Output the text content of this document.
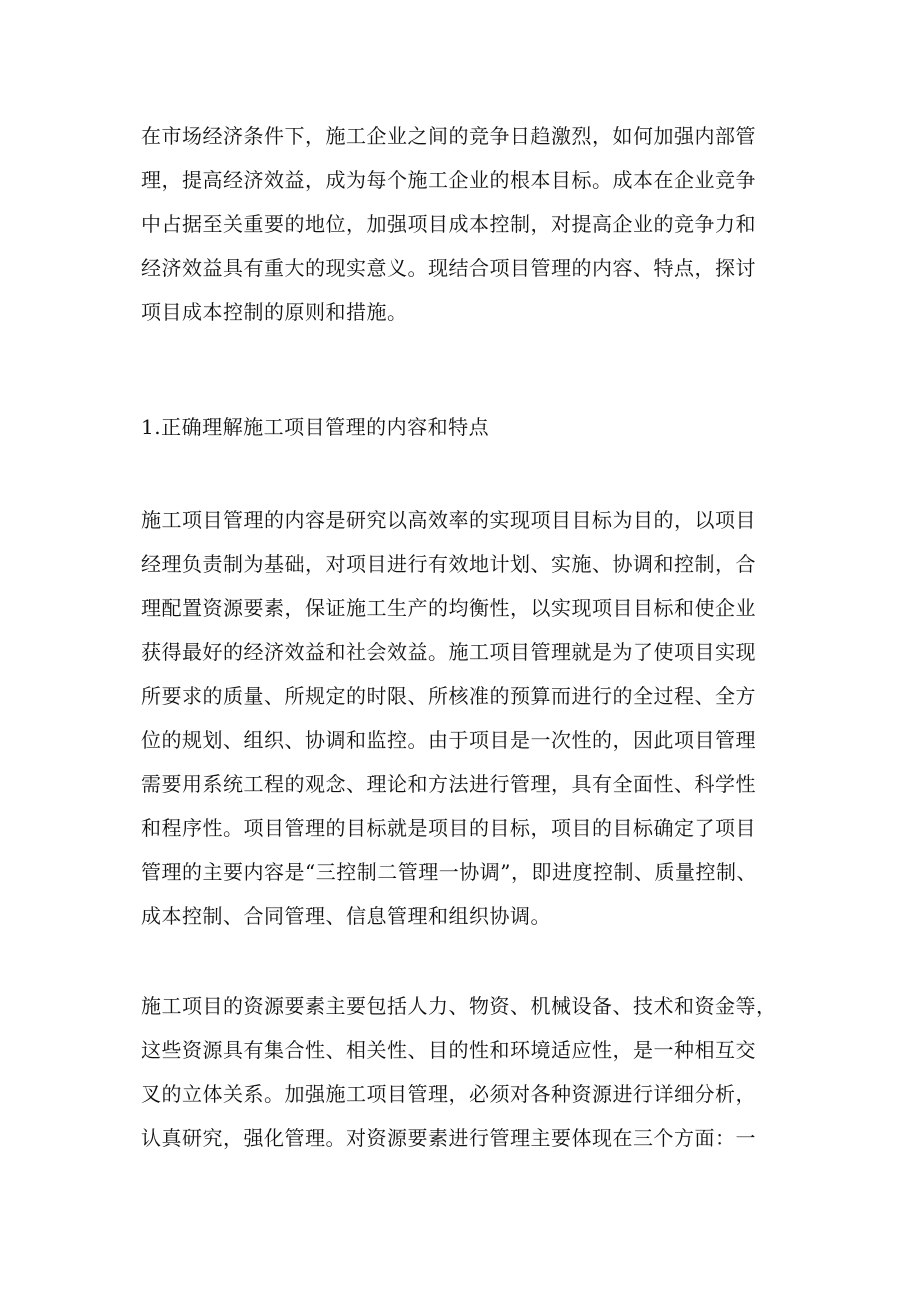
在市场经济条件下，施工企业之间的竞争日趋激烈，如何加强内部管
理，提高经济效益，成为每个施工企业的根本目标。成本在企业竞争
中占据至关重要的地位，加强项目成本控制，对提高企业的竞争力和
经济效益具有重大的现实意义。现结合项目管理的内容、特点，探讨
项目成本控制的原则和措施。
1.正确理解施工项目管理的内容和特点
施工项目管理的内容是研究以高效率的实现项目目标为目的，以项目
经理负责制为基础，对项目进行有效地计划、实施、协调和控制，合
理配置资源要素，保证施工生产的均衡性，以实现项目目标和使企业
获得最好的经济效益和社会效益。施工项目管理就是为了使项目实现
所要求的质量、所规定的时限、所核准的预算而进行的全过程、全方
位的规划、组织、协调和监控。由于项目是一次性的，因此项目管理
需要用系统工程的观念、理论和方法进行管理，具有全面性、科学性
和程序性。项目管理的目标就是项目的目标，项目的目标确定了项目
管理的主要内容是“三控制二管理一协调”，即进度控制、质量控制、
成本控制、合同管理、信息管理和组织协调。
施工项目的资源要素主要包括人力、物资、机械设备、技术和资金等，
这些资源具有集合性、相关性、目的性和环境适应性，是一种相互交
叉的立体关系。加强施工项目管理，必须对各种资源进行详细分析，
认真研究，强化管理。对资源要素进行管理主要体现在三个方面：一
